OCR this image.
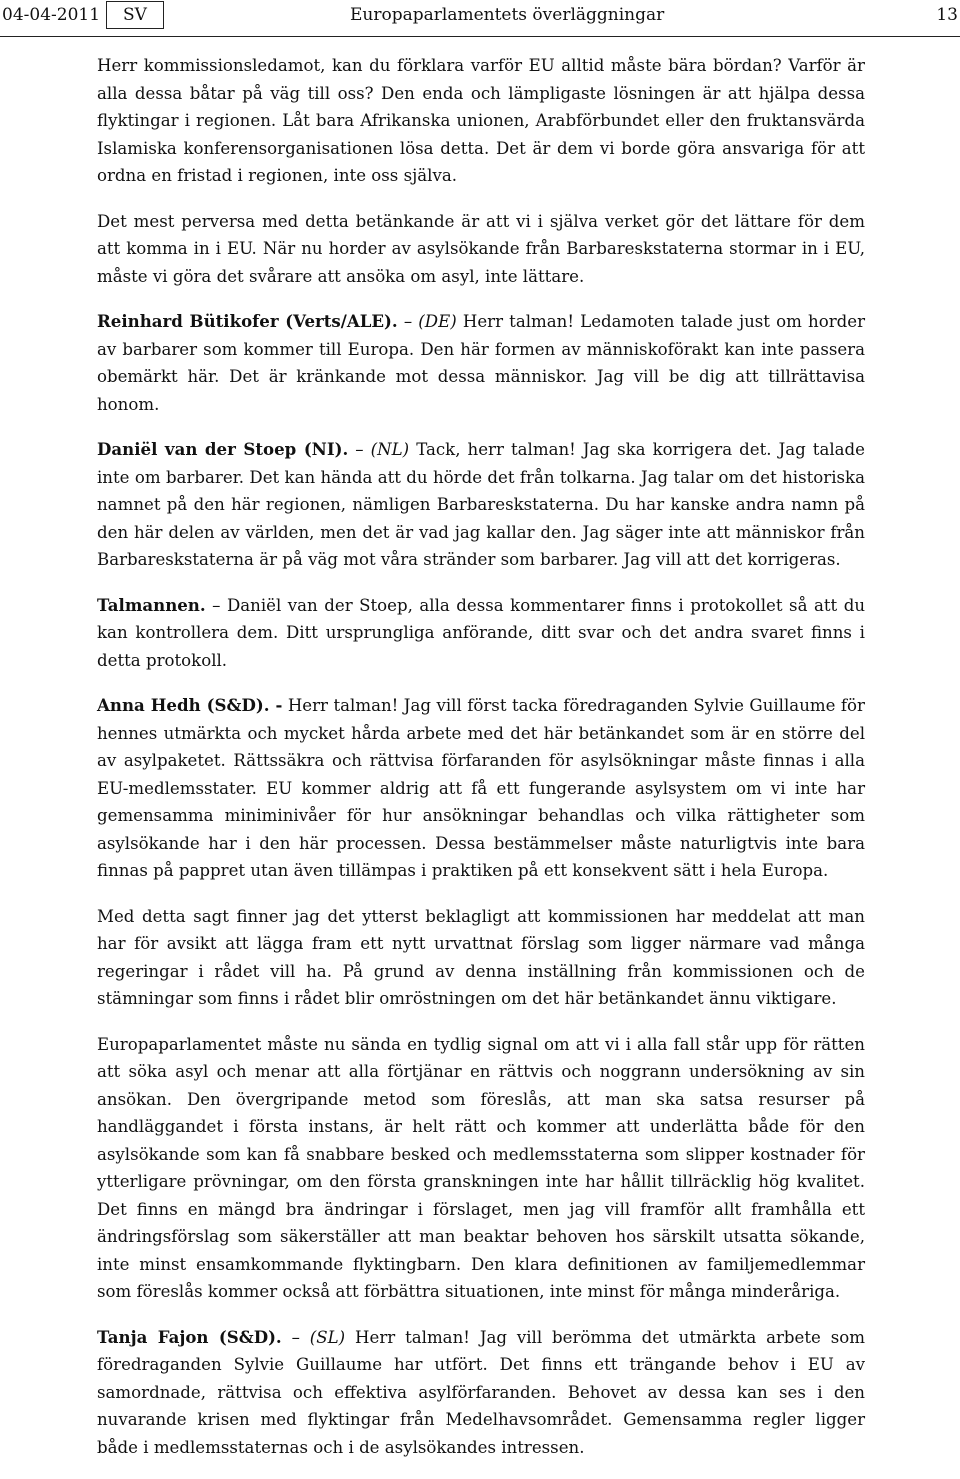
04-04-2011	SV	Europaparlamentets överläggningar	13

Herr kommissionsledamot, kan du förklara varför EU alltid måste bära bördan? Varför är alla dessa båtar på väg till oss? Den enda och lämpligaste lösningen är att hjälpa dessa flyktingar i regionen. Låt bara Afrikanska unionen, Arabförbundet eller den fruktansvärda Islamiska konferensorganisationen lösa detta. Det är dem vi borde göra ansvariga för att ordna en fristad i regionen, inte oss själva.

Det mest perversa med detta betänkande är att vi i själva verket gör det lättare för dem att komma in i EU. När nu horder av asylsökande från Barbareskstaterna stormar in i EU, måste vi göra det svårare att ansöka om asyl, inte lättare.

Reinhard Bütikofer (Verts/ALE). – (DE) Herr talman! Ledamoten talade just om horder av barbarer som kommer till Europa. Den här formen av människoförakt kan inte passera obemärkt här. Det är kränkande mot dessa människor. Jag vill be dig att tillrättavisa honom.

Daniël van der Stoep (NI). – (NL) Tack, herr talman! Jag ska korrigera det. Jag talade inte om barbarer. Det kan hända att du hörde det från tolkarna. Jag talar om det historiska namnet på den här regionen, nämligen Barbareskstaterna. Du har kanske andra namn på den här delen av världen, men det är vad jag kallar den. Jag säger inte att människor från Barbareskstaterna är på väg mot våra stränder som barbarer. Jag vill att det korrigeras.

Talmannen. – Daniël van der Stoep, alla dessa kommentarer finns i protokollet så att du kan kontrollera dem. Ditt ursprungliga anförande, ditt svar och det andra svaret finns i detta protokoll.

Anna Hedh (S&D). - Herr talman! Jag vill först tacka föredraganden Sylvie Guillaume för hennes utmärkta och mycket hårda arbete med det här betänkandet som är en större del av asylpaketet. Rättssäkra och rättvisa förfaranden för asylsökningar måste finnas i alla EU-medlemsstater. EU kommer aldrig att få ett fungerande asylsystem om vi inte har gemensamma miniminivåer för hur ansökningar behandlas och vilka rättigheter som asylsökande har i den här processen. Dessa bestämmelser måste naturligtvis inte bara finnas på pappret utan även tillämpas i praktiken på ett konsekvent sätt i hela Europa.

Med detta sagt finner jag det ytterst beklagligt att kommissionen har meddelat att man har för avsikt att lägga fram ett nytt urvattnat förslag som ligger närmare vad många regeringar i rådet vill ha. På grund av denna inställning från kommissionen och de stämningar som finns i rådet blir omröstningen om det här betänkandet ännu viktigare.

Europaparlamentet måste nu sända en tydlig signal om att vi i alla fall står upp för rätten att söka asyl och menar att alla förtjänar en rättvis och noggrann undersökning av sin ansökan. Den övergripande metod som föreslås, att man ska satsa resurser på handläggandet i första instans, är helt rätt och kommer att underlätta både för den asylsökande som kan få snabbare besked och medlemsstaterna som slipper kostnader för ytterligare prövningar, om den första granskningen inte har hållit tillräcklig hög kvalitet. Det finns en mängd bra ändringar i förslaget, men jag vill framför allt framhålla ett ändringsförslag som säkerställer att man beaktar behoven hos särskilt utsatta sökande, inte minst ensamkommande flyktingbarn. Den klara definitionen av familjemedlemmar som föreslås kommer också att förbättra situationen, inte minst för många minderåriga.

Tanja Fajon (S&D). – (SL) Herr talman! Jag vill berömma det utmärkta arbete som föredraganden Sylvie Guillaume har utfört. Det finns ett trängande behov i EU av samordnade, rättvisa och effektiva asylförfaranden. Behovet av dessa kan ses i den nuvarande krisen med flyktingar från Medelhavsområdet. Gemensamma regler ligger både i medlemsstaternas och i de asylsökandes intressen.
